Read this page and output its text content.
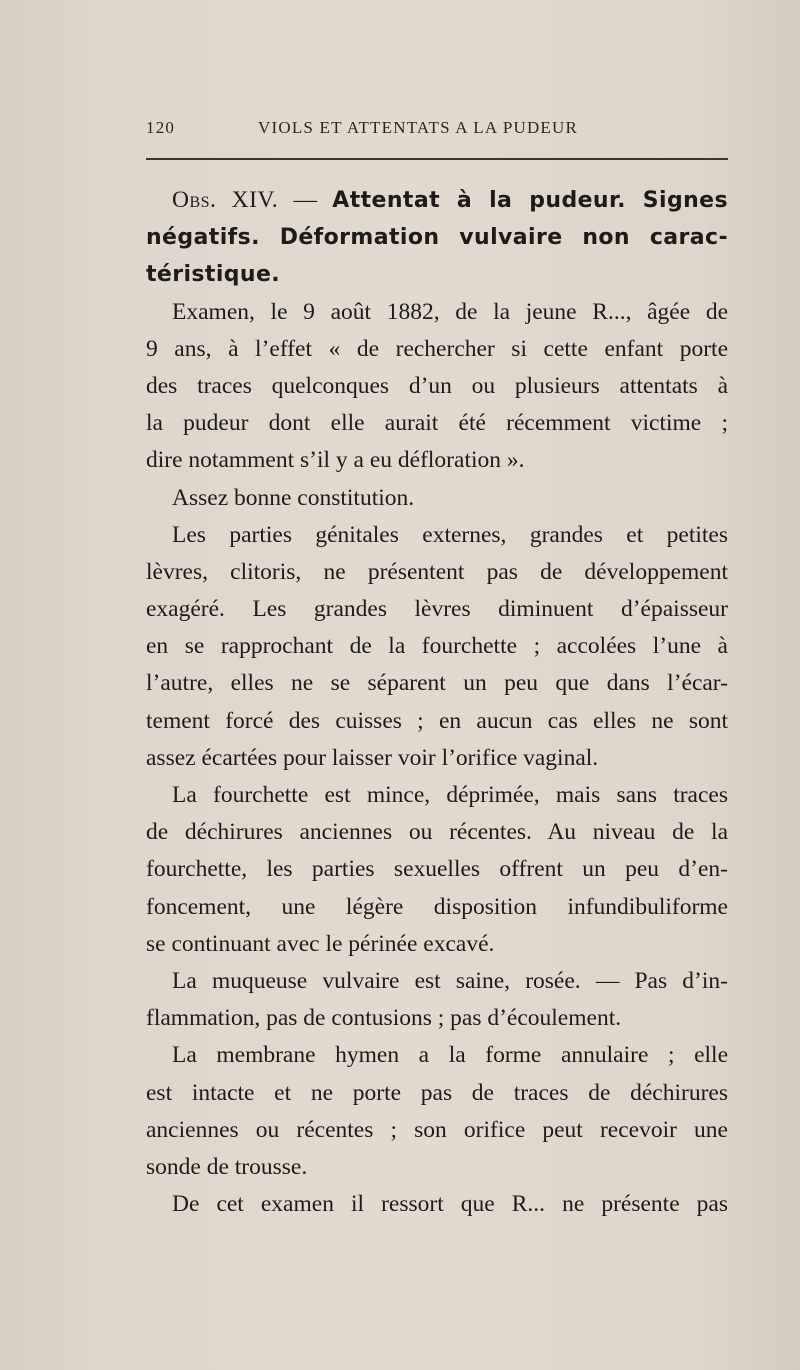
120	VIOLS ET ATTENTATS A LA PUDEUR
Obs. XIV. — Attentat à la pudeur. Signes
négatifs. Déformation vulvaire non carac-
téristique.
Examen, le 9 août 1882, de la jeune R..., âgée de
9 ans, à l’effet « de rechercher si cette enfant porte
des traces quelconques d’un ou plusieurs attentats à
la pudeur dont elle aurait été récemment victime ;
dire notamment s’il y a eu défloration ».
Assez bonne constitution.
Les parties génitales externes, grandes et petites
lèvres, clitoris, ne présentent pas de développement
exagéré. Les grandes lèvres diminuent d’épaisseur
en se rapprochant de la fourchette ; accolées l’une à
l’autre, elles ne se séparent un peu que dans l’écar-
tement forcé des cuisses ; en aucun cas elles ne sont
assez écartées pour laisser voir l’orifice vaginal.
La fourchette est mince, déprimée, mais sans traces
de déchirures anciennes ou récentes. Au niveau de la
fourchette, les parties sexuelles offrent un peu d’en-
foncement, une légère disposition infundibuliforme
se continuant avec le périnée excavé.
La muqueuse vulvaire est saine, rosée. — Pas d’in-
flammation, pas de contusions ; pas d’écoulement.
La membrane hymen a la forme annulaire ; elle
est intacte et ne porte pas de traces de déchirures
anciennes ou récentes ; son orifice peut recevoir une
sonde de trousse.
De cet examen il ressort que R... ne présente pas
